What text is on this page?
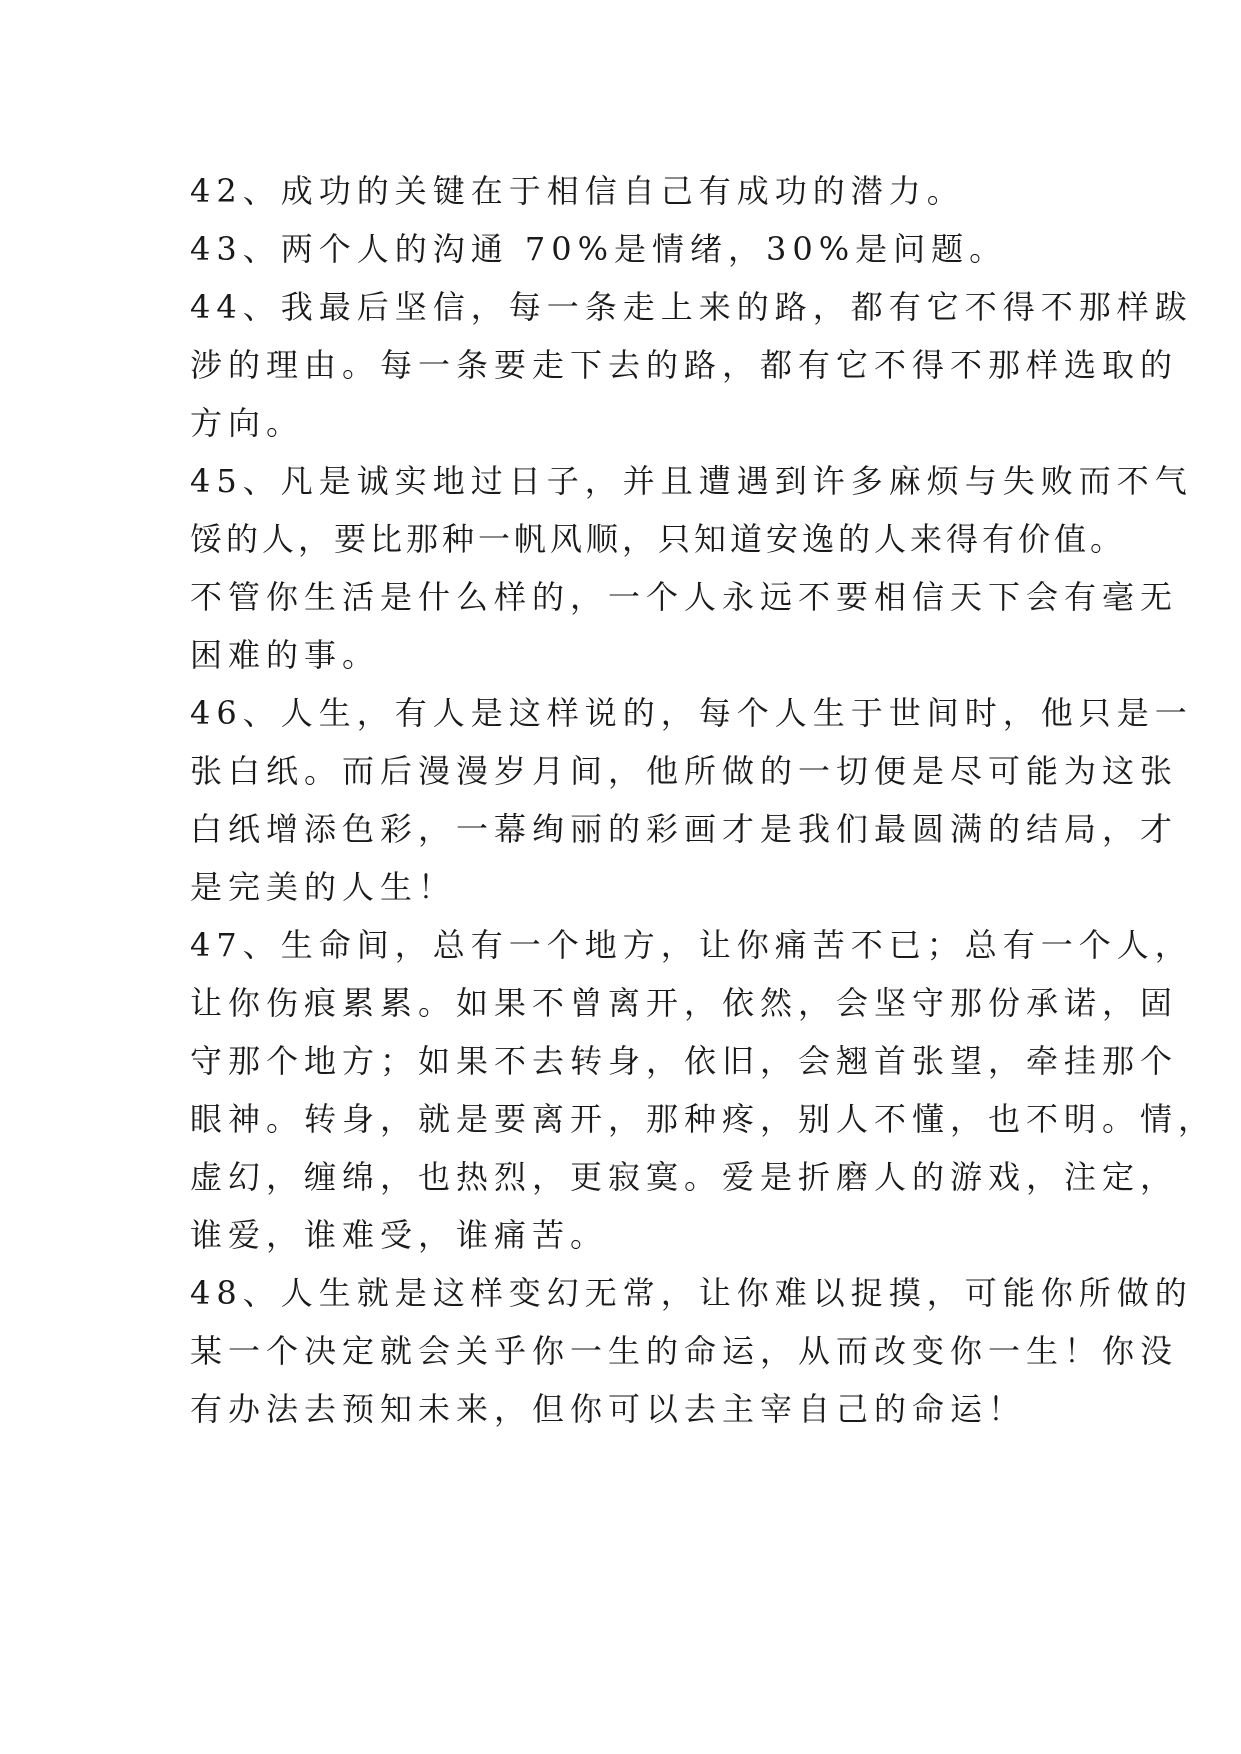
42、成功的关键在于相信自己有成功的潜力。
43、两个人的沟通 70%是情绪，30%是问题。
44、我最后坚信，每一条走上来的路，都有它不得不那样跋
涉的理由。每一条要走下去的路，都有它不得不那样选取的
方向。
45、凡是诚实地过日子，并且遭遇到许多麻烦与失败而不气
馁的人，要比那种一帆风顺，只知道安逸的人来得有价值。
不管你生活是什么样的，一个人永远不要相信天下会有毫无
困难的事。
46、人生，有人是这样说的，每个人生于世间时，他只是一
张白纸。而后漫漫岁月间，他所做的一切便是尽可能为这张
白纸增添色彩，一幕绚丽的彩画才是我们最圆满的结局，才
是完美的人生！
47、生命间，总有一个地方，让你痛苦不已；总有一个人，
让你伤痕累累。如果不曾离开，依然，会坚守那份承诺，固
守那个地方；如果不去转身，依旧，会翘首张望，牵挂那个
眼神。转身，就是要离开，那种疼，别人不懂，也不明。情，
虚幻，缠绵，也热烈，更寂寞。爱是折磨人的游戏，注定，
谁爱，谁难受，谁痛苦。
48、人生就是这样变幻无常，让你难以捉摸，可能你所做的
某一个决定就会关乎你一生的命运，从而改变你一生！你没
有办法去预知未来，但你可以去主宰自己的命运！
